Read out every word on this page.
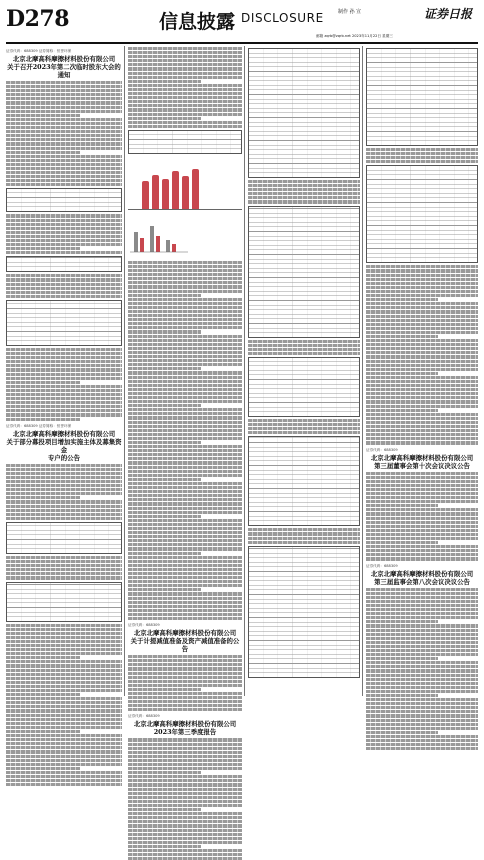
D278	信息披露 DISCLOSURE	制作 孙 宣	证券日报
邮箱 zqrb@zqrb.net 2023年11月22日 星期三
证券代码：688309 证券简称：恒誉环保
北京北摩高科摩擦材料股份有限公司
关于召开2023年第二次临时股东大会的
通知
证券代码：688309 证券简称：恒誉环保
北京北摩高科摩擦材料股份有限公司
关于部分募投项目增加实施主体及募集资金
专户的公告
证券代码：688309
北京北摩高科摩擦材料股份有限公司
关于计提减值准备及资产减值准备的公告
证券代码：688309
北京北摩高科摩擦材料股份有限公司
2023年第三季度报告
证券代码：688309
北京北摩高科摩擦材料股份有限公司
第三届董事会第十次会议决议公告
证券代码：688309
北京北摩高科摩擦材料股份有限公司
第三届监事会第八次会议决议公告
